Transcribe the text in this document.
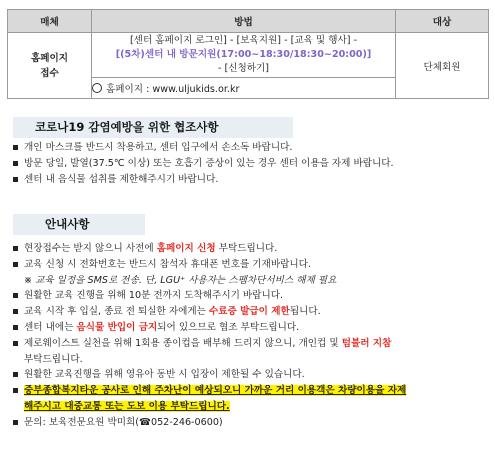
매체	방법	대상
홈페이지
접수	[센터 홈페이지 로그인] - [보육지원] - [교육 및 행사] -
[(5차)센터 내 방문지원(17:00~18:30/18:30~20:00)]
- [신청하기]	단체회원
	홈페이지 : www.uljukids.or.kr	
코로나19 감염예방을 위한 협조사항
개인 마스크를 반드시 착용하고, 센터 입구에서 손소독 바랍니다.
방문 당일, 발열(37.5℃ 이상) 또는 호흡기 증상이 있는 경우 센터 이용을 자제 바랍니다.
센터 내 음식물 섭취를 제한해주시기 바랍니다.
안내사항
현장접수는 받지 않으니 사전에 홈페이지 신청 부탁드립니다.
교육 신청 시 전화번호는 반드시 참석자 휴대폰 번호를 기재바랍니다.
※ 교육 일정을 SMS로 전송. 단, LGU⁺ 사용자는 스팸차단서비스 해제 필요
원활한 교육 진행을 위해 10분 전까지 도착해주시기 바랍니다.
교육 시작 후 입실, 종료 전 퇴실한 자에게는 수료증 발급이 제한됩니다.
센터 내에는 음식물 반입이 금지되어 있으므로 협조 부탁드립니다.
제로웨이스트 실천을 위해 1회용 종이컵을 배부해 드리지 않으니, 개인컵 및 텀블러 지참
부탁드립니다.
원활한 교육진행을 위해 영유아 동반 시 입장이 제한될 수 있습니다.
중부종합복지타운 공사로 인해 주차난이 예상되오니 가까운 거리 이용객은 차량이용을 자제
해주시고 대중교통 또는 도보 이용 부탁드립니다.
문의: 보육전문요원 박미희(☎052-246-0600)
